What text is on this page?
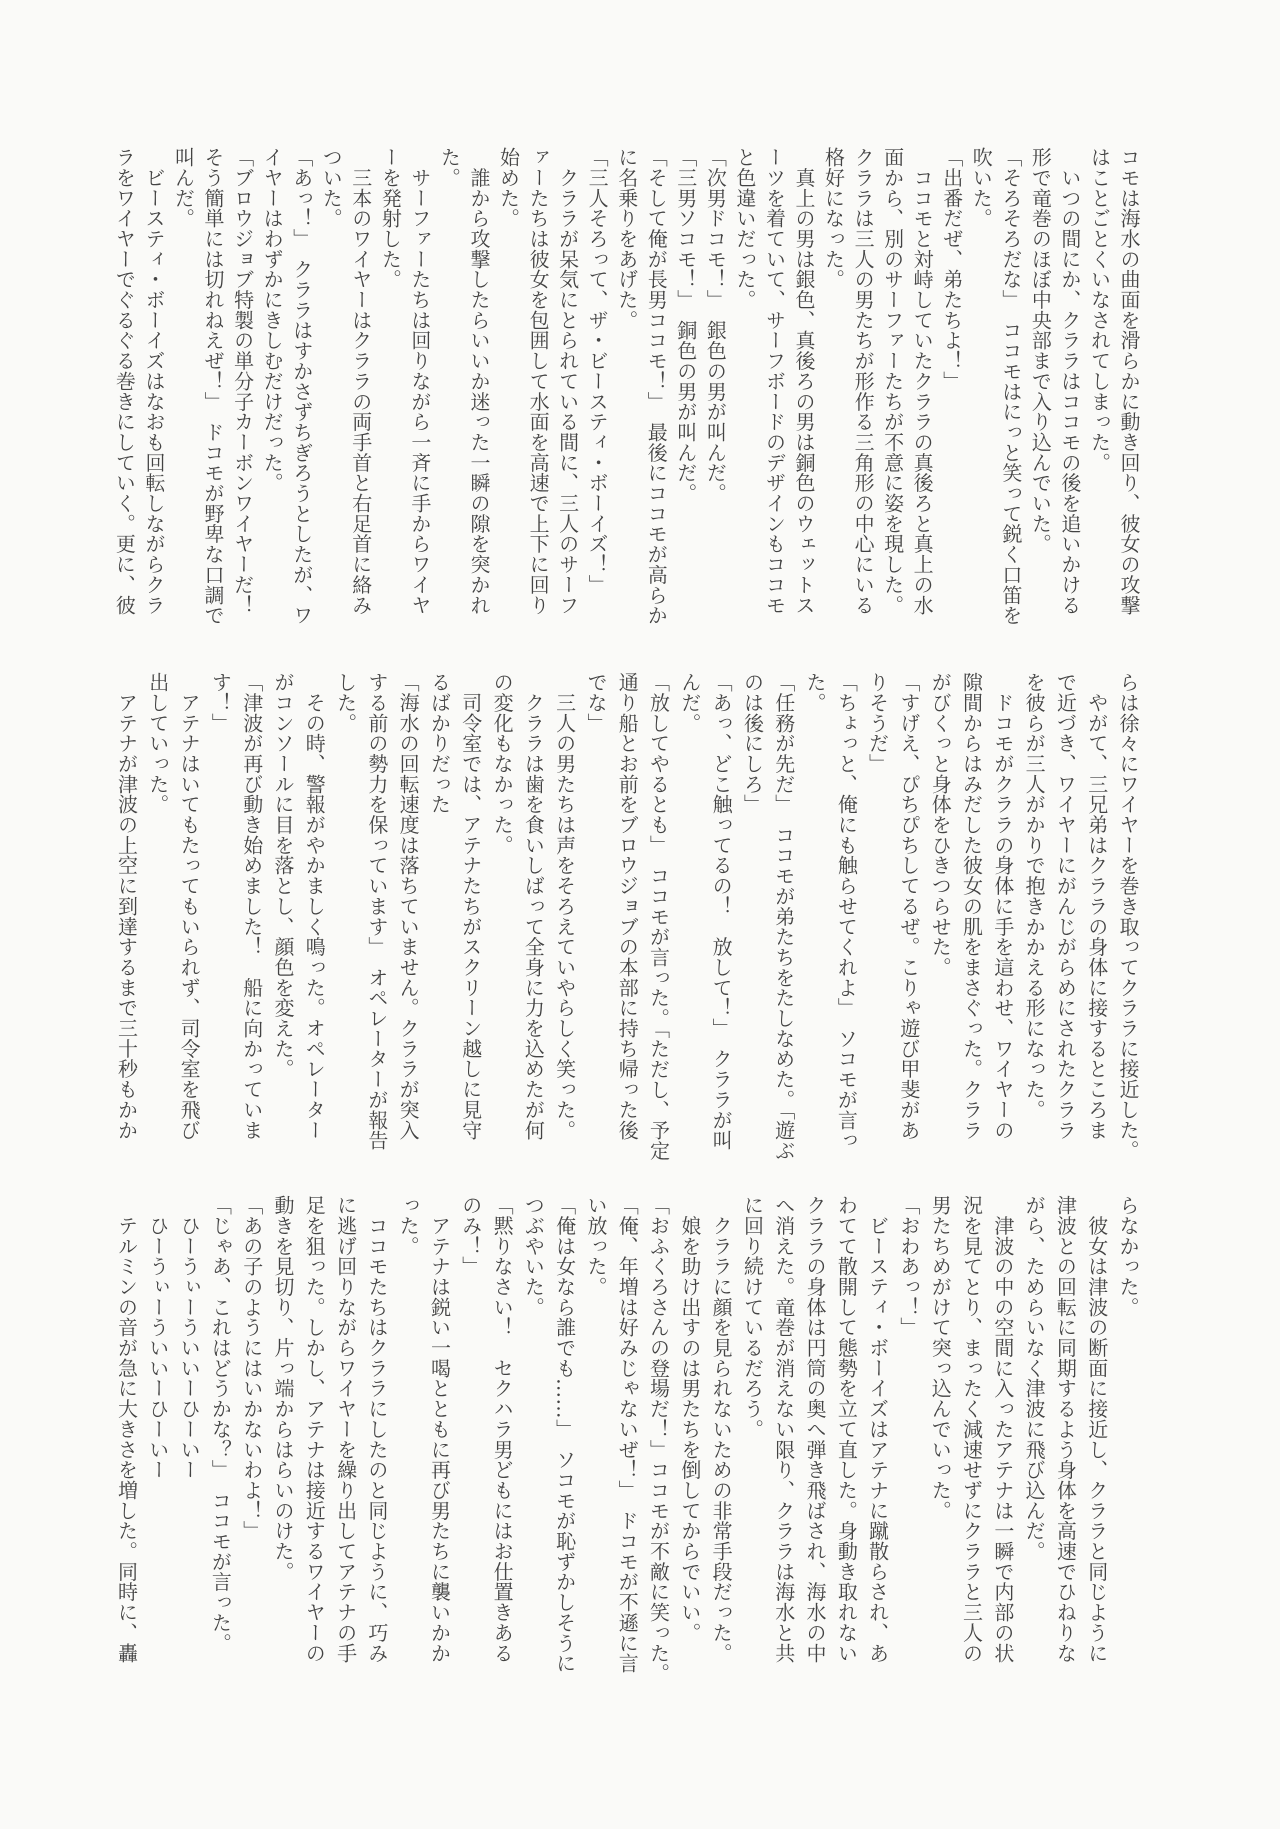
コモは海水の曲面を滑らかに動き回り、彼女の攻撃

はことごとくいなされてしまった。

　いつの間にか、クララはココモの後を追いかける

形で竜巻のほぼ中央部まで入り込んでいた。

「そろそろだな」　ココモはにっと笑って鋭く口笛を

吹いた。

「出番だぜ、弟たちよ！」

　ココモと対峙していたクララの真後ろと真上の水

面から、別のサーファーたちが不意に姿を現した。

クララは三人の男たちが形作る三角形の中心にいる

格好になった。

　真上の男は銀色、真後ろの男は銅色のウェットス

ーツを着ていて、サーフボードのデザインもココモ

と色違いだった。

「次男ドコモ！」　銀色の男が叫んだ。

「三男ソコモ！」　銅色の男が叫んだ。

「そして俺が長男ココモ！」　最後にココモが高らか

に名乗りをあげた。

「三人そろって、ザ・ビースティ・ボーイズ！」

　クララが呆気にとられている間に、三人のサーフ

ァーたちは彼女を包囲して水面を高速で上下に回り

始めた。

　誰から攻撃したらいいか迷った一瞬の隙を突かれ

た。

　サーファーたちは回りながら一斉に手からワイヤ

ーを発射した。

　三本のワイヤーはクララの両手首と右足首に絡み

ついた。

「あっ！」　クララはすかさずちぎろうとしたが、ワ

イヤーはわずかにきしむだけだった。

「ブロウジョブ特製の単分子カーボンワイヤーだ！

そう簡単には切れねえぜ！」　ドコモが野卑な口調で

叫んだ。

　ビースティ・ボーイズはなおも回転しながらクラ

ラをワイヤーでぐるぐる巻きにしていく。更に、彼

らは徐々にワイヤーを巻き取ってクララに接近した。

　やがて、三兄弟はクララの身体に接するところま

で近づき、ワイヤーにがんじがらめにされたクララ

を彼らが三人がかりで抱きかかえる形になった。

　ドコモがクララの身体に手を這わせ、ワイヤーの

隙間からはみだした彼女の肌をまさぐった。クララ

がびくっと身体をひきつらせた。

「すげえ、ぴちぴちしてるぜ。こりゃ遊び甲斐があ

りそうだ」

「ちょっと、俺にも触らせてくれよ」　ソコモが言っ

た。

「任務が先だ」　ココモが弟たちをたしなめた。「遊ぶ

のは後にしろ」

「あっ、どこ触ってるの！　放して！」　クララが叫

んだ。

「放してやるとも」　ココモが言った。「ただし、予定

通り船とお前をブロウジョブの本部に持ち帰った後

でな」

　三人の男たちは声をそろえていやらしく笑った。

　クララは歯を食いしばって全身に力を込めたが何

の変化もなかった。

　司令室では、アテナたちがスクリーン越しに見守

るばかりだった

「海水の回転速度は落ちていません。クララが突入

する前の勢力を保っています」　オペレーターが報告

した。

　その時、警報がやかましく鳴った。オペレーター

がコンソールに目を落とし、顔色を変えた。

「津波が再び動き始めました！　船に向かっていま

す！」

　アテナはいてもたってもいられず、司令室を飛び

出していった。

　アテナが津波の上空に到達するまで三十秒もかか

らなかった。

　彼女は津波の断面に接近し、クララと同じように

津波との回転に同期するよう身体を高速でひねりな

がら、ためらいなく津波に飛び込んだ。

　津波の中の空間に入ったアテナは一瞬で内部の状

況を見てとり、まったく減速せずにクララと三人の

男たちめがけて突っ込んでいった。

「おわあっ！」

　ビースティ・ボーイズはアテナに蹴散らされ、あ

わてて散開して態勢を立て直した。身動き取れない

クララの身体は円筒の奥へ弾き飛ばされ、海水の中

へ消えた。竜巻が消えない限り、クララは海水と共

に回り続けているだろう。

　クララに顔を見られないための非常手段だった。

　娘を助け出すのは男たちを倒してからでいい。

「おふくろさんの登場だ！」ココモが不敵に笑った。

「俺、年増は好みじゃないぜ！」　ドコモが不遜に言

い放った。

「俺は女なら誰でも……」　ソコモが恥ずかしそうに

つぶやいた。

「黙りなさい！　セクハラ男どもにはお仕置きある

のみ！」

　アテナは鋭い一喝とともに再び男たちに襲いかか

った。

　ココモたちはクララにしたのと同じように、巧み

に逃げ回りながらワイヤーを繰り出してアテナの手

足を狙った。しかし、アテナは接近するワイヤーの

動きを見切り、片っ端からはらいのけた。

「あの子のようにはいかないわよ！」

「じゃあ、これはどうかな？」　ココモが言った。

　ひーうぃーういいーひーいー

　ひーうぃーういいーひーいー

　テルミンの音が急に大きさを増した。同時に、轟
